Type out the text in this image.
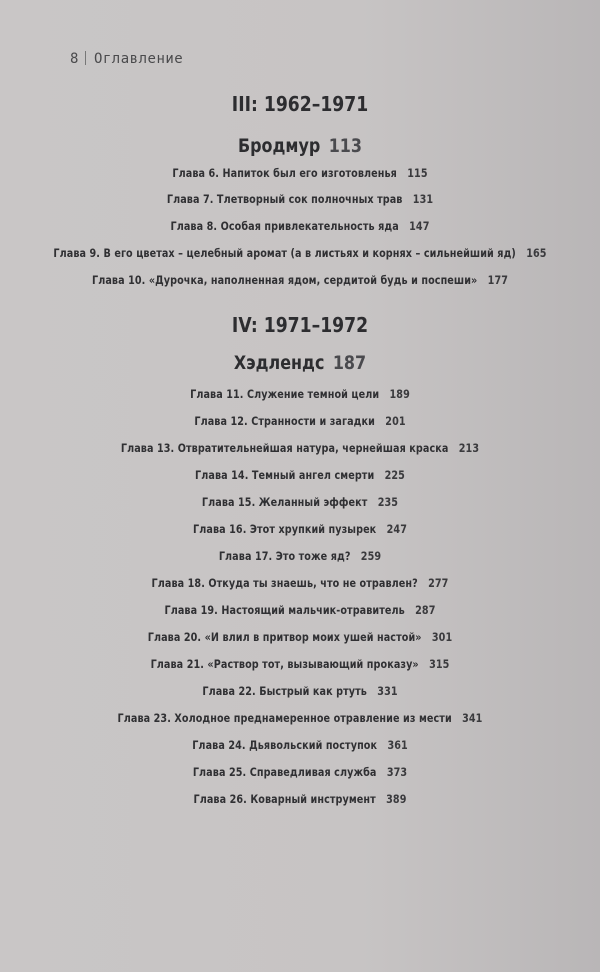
8 Оглавление
III: 1962–1971
Бродмур 113
Глава 6. Напиток был его изготовленья 115
Глава 7. Тлетворный сок полночных трав 131
Глава 8. Особая привлекательность яда 147
Глава 9. В его цветах – целебный аромат (а в листьях и корнях – сильнейший яд) 165
Глава 10. «Дурочка, наполненная ядом, сердитой будь и поспеши» 177
IV: 1971–1972
Хэдлендс 187
Глава 11. Служение темной цели 189
Глава 12. Странности и загадки 201
Глава 13. Отвратительнейшая натура, чернейшая краска 213
Глава 14. Темный ангел смерти 225
Глава 15. Желанный эффект 235
Глава 16. Этот хрупкий пузырек 247
Глава 17. Это тоже яд? 259
Глава 18. Откуда ты знаешь, что не отравлен? 277
Глава 19. Настоящий мальчик-отравитель 287
Глава 20. «И влил в притвор моих ушей настой» 301
Глава 21. «Раствор тот, вызывающий проказу» 315
Глава 22. Быстрый как ртуть 331
Глава 23. Холодное преднамеренное отравление из мести 341
Глава 24. Дьявольский поступок 361
Глава 25. Справедливая служба 373
Глава 26. Коварный инструмент 389
